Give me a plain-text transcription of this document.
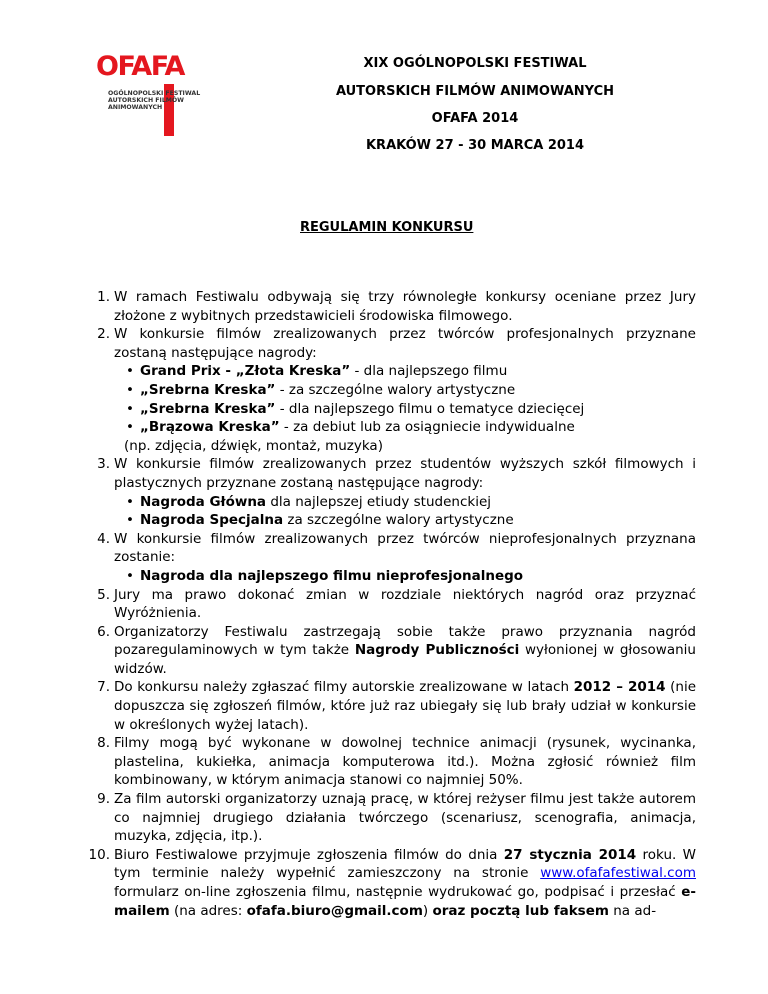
OFAFA
OGÓLNOPOLSKI FESTIWAL
AUTORSKICH FILMÓW
ANIMOWANYCH
XIX OGÓLNOPOLSKI FESTIWAL
AUTORSKICH FILMÓW ANIMOWANYCH
OFAFA 2014
KRAKÓW 27 - 30 MARCA 2014
REGULAMIN KONKURSU
1. W ramach Festiwalu odbywają się trzy równoległe konkursy oceniane przez Jury złożone z wybitnych przedstawicieli środowiska filmowego.
2. W konkursie filmów zrealizowanych przez twórców profesjonalnych przyznane zostaną następujące nagrody:
• Grand Prix - „Złota Kreska” - dla najlepszego filmu
• „Srebrna Kreska” - za szczególne walory artystyczne
• „Srebrna Kreska” - dla najlepszego filmu o tematyce dziecięcej
• „Brązowa Kreska” - za debiut lub za osiągniecie indywidualne
(np. zdjęcia, dźwięk, montaż, muzyka)
3. W konkursie filmów zrealizowanych przez studentów wyższych szkół filmowych i plastycznych przyznane zostaną następujące nagrody:
• Nagroda Główna dla najlepszej etiudy studenckiej
• Nagroda Specjalna za szczególne walory artystyczne
4. W konkursie filmów zrealizowanych przez twórców nieprofesjonalnych przyznana zostanie:
• Nagroda dla najlepszego filmu nieprofesjonalnego
5. Jury ma prawo dokonać zmian w rozdziale niektórych nagród oraz przyznać Wyróżnienia.
6. Organizatorzy Festiwalu zastrzegają sobie także prawo przyznania nagród pozaregulaminowych w tym także Nagrody Publiczności wyłonionej w głosowaniu widzów.
7. Do konkursu należy zgłaszać filmy autorskie zrealizowane w latach 2012 – 2014 (nie dopuszcza się zgłoszeń filmów, które już raz ubiegały się lub brały udział w konkursie w określonych wyżej latach).
8. Filmy mogą być wykonane w dowolnej technice animacji (rysunek, wycinanka, plastelina, kukiełka, animacja komputerowa itd.). Można zgłosić również film kombinowany, w którym animacja stanowi co najmniej 50%.
9. Za film autorski organizatorzy uznają pracę, w której reżyser filmu jest także autorem co najmniej drugiego działania twórczego (scenariusz, scenografia, animacja, muzyka, zdjęcia, itp.).
10. Biuro Festiwalowe przyjmuje zgłoszenia filmów do dnia 27 stycznia 2014 roku. W tym terminie należy wypełnić zamieszczony na stronie www.ofafafestiwal.com formularz on-line zgłoszenia filmu, następnie wydrukować go, podpisać i przesłać e-mailem (na adres: ofafa.biuro@gmail.com) oraz pocztą lub faksem na ad-
